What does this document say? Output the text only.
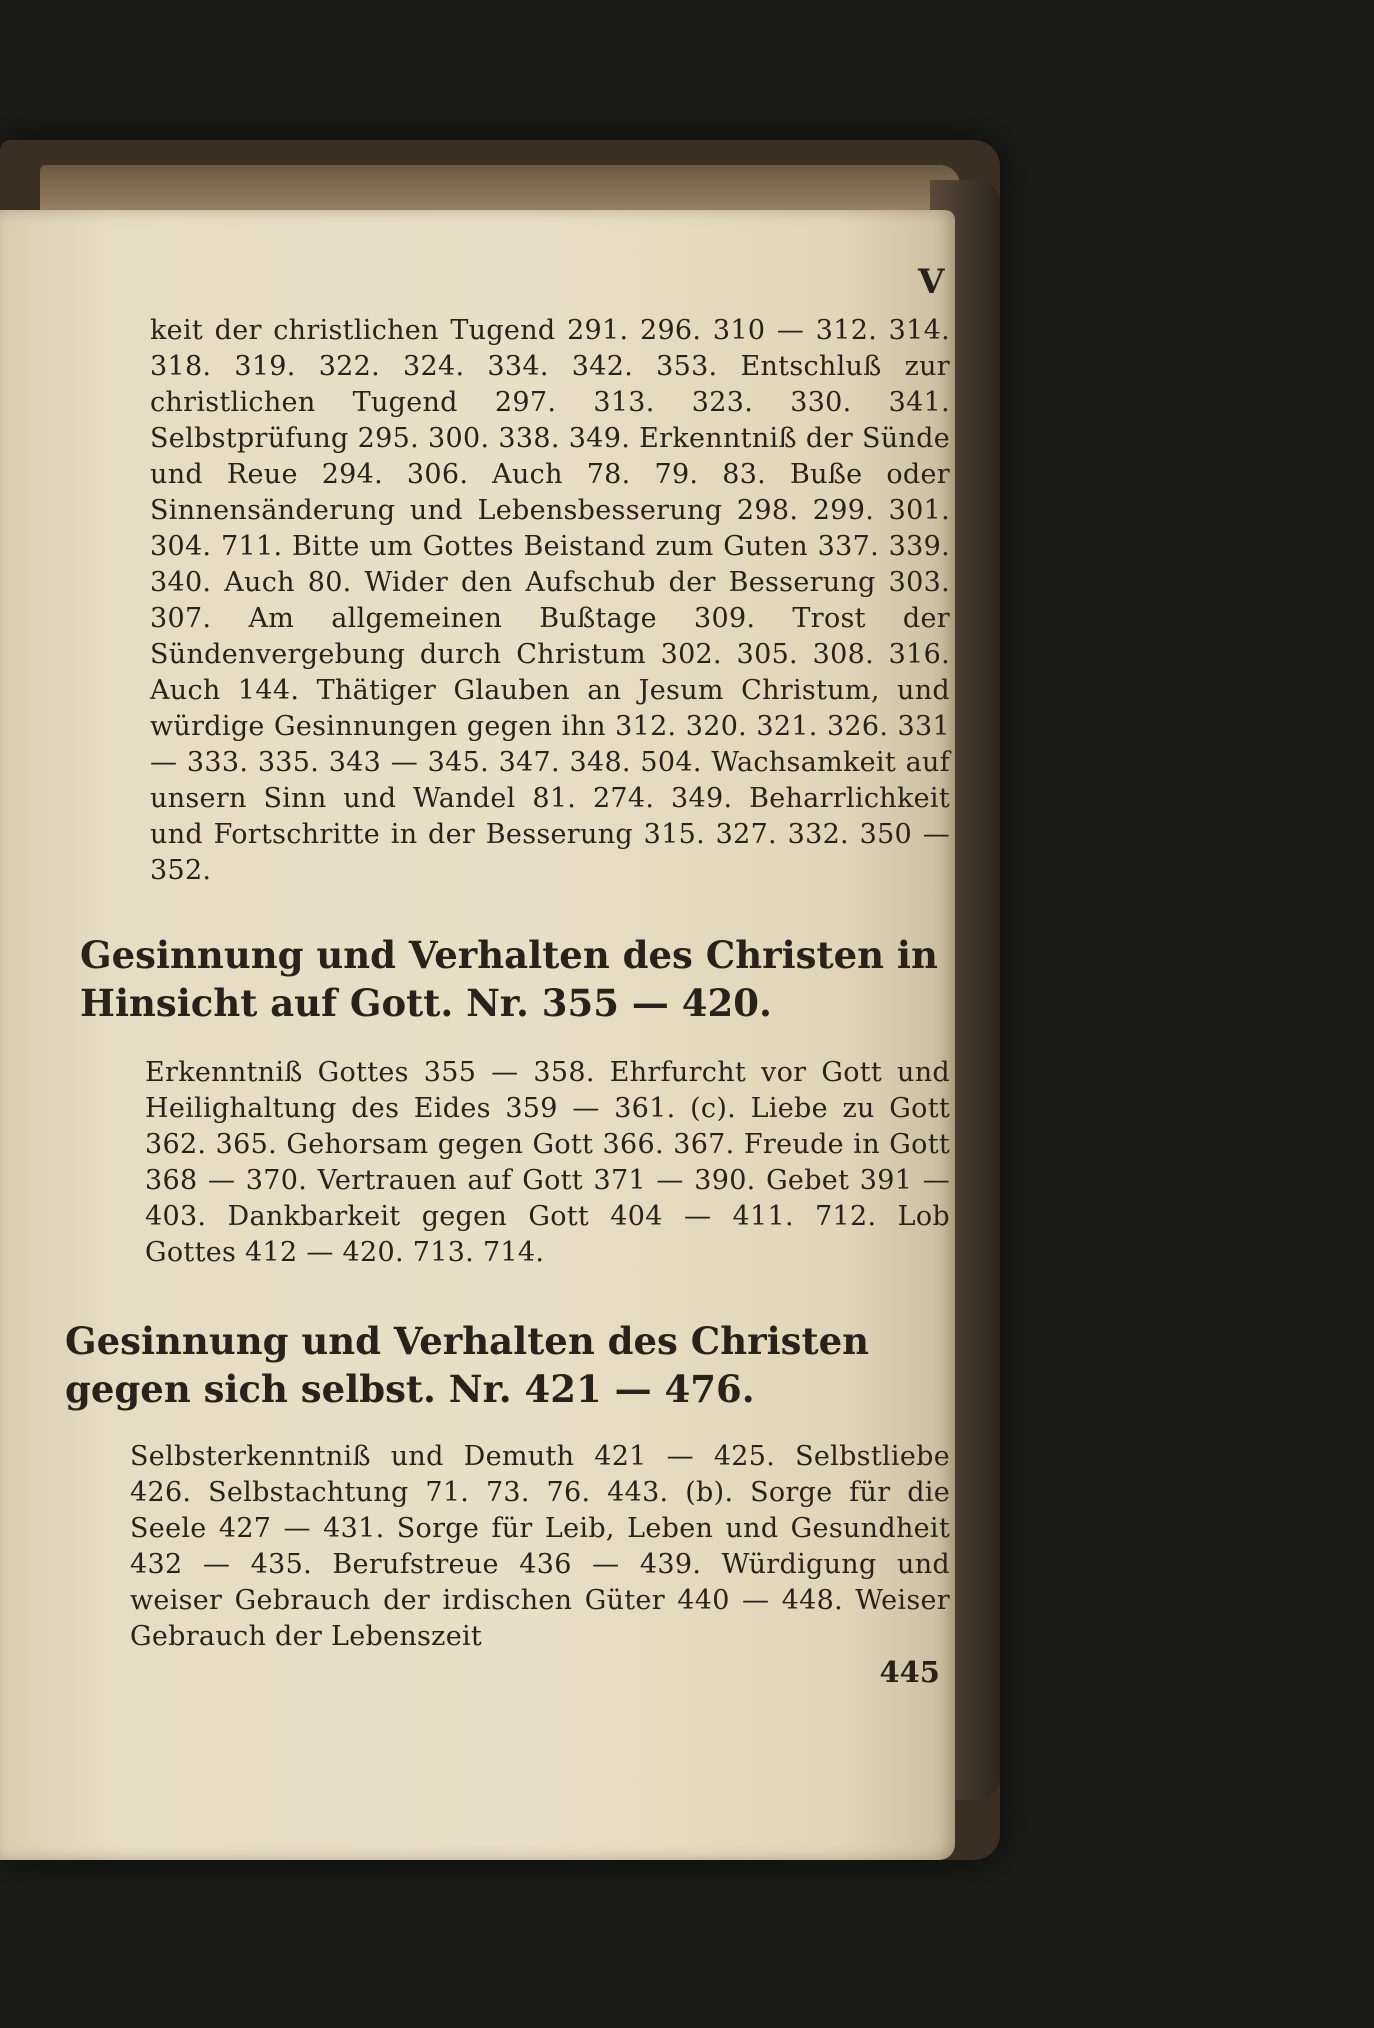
V
keit der christlichen Tugend 291. 296. 310 — 312. 314. 318. 319. 322. 324. 334. 342. 353. Entschluß zur christlichen Tugend 297. 313. 323. 330. 341. Selbstprüfung 295. 300. 338. 349. Erkenntniß der Sünde und Reue 294. 306. Auch 78. 79. 83. Buße oder Sinnensänderung und Lebensbesserung 298. 299. 301. 304. 711. Bitte um Gottes Beistand zum Guten 337. 339. 340. Auch 80. Wider den Aufschub der Besserung 303. 307. Am allgemeinen Bußtage 309. Trost der Sündenvergebung durch Christum 302. 305. 308. 316. Auch 144. Thätiger Glauben an Jesum Christum, und würdige Gesinnungen gegen ihn 312. 320. 321. 326. 331 — 333. 335. 343 — 345. 347. 348. 504. Wachsamkeit auf unsern Sinn und Wandel 81. 274. 349. Beharrlichkeit und Fortschritte in der Besserung 315. 327. 332. 350 — 352.
Gesinnung und Verhalten des Christen in Hinsicht auf Gott. Nr. 355 — 420.
Erkenntniß Gottes 355 — 358. Ehrfurcht vor Gott und Heilighaltung des Eides 359 — 361. (c). Liebe zu Gott 362. 365. Gehorsam gegen Gott 366. 367. Freude in Gott 368 — 370. Vertrauen auf Gott 371 — 390. Gebet 391 — 403. Dankbarkeit gegen Gott 404 — 411. 712. Lob Gottes 412 — 420. 713. 714.
Gesinnung und Verhalten des Christen gegen sich selbst. Nr. 421 — 476.
Selbsterkenntniß und Demuth 421 — 425. Selbstliebe 426. Selbstachtung 71. 73. 76. 443. (b). Sorge für die Seele 427 — 431. Sorge für Leib, Leben und Gesundheit 432 — 435. Berufstreue 436 — 439. Würdigung und weiser Gebrauch der irdischen Güter 440 — 448. Weiser Gebrauch der Lebenszeit
445
